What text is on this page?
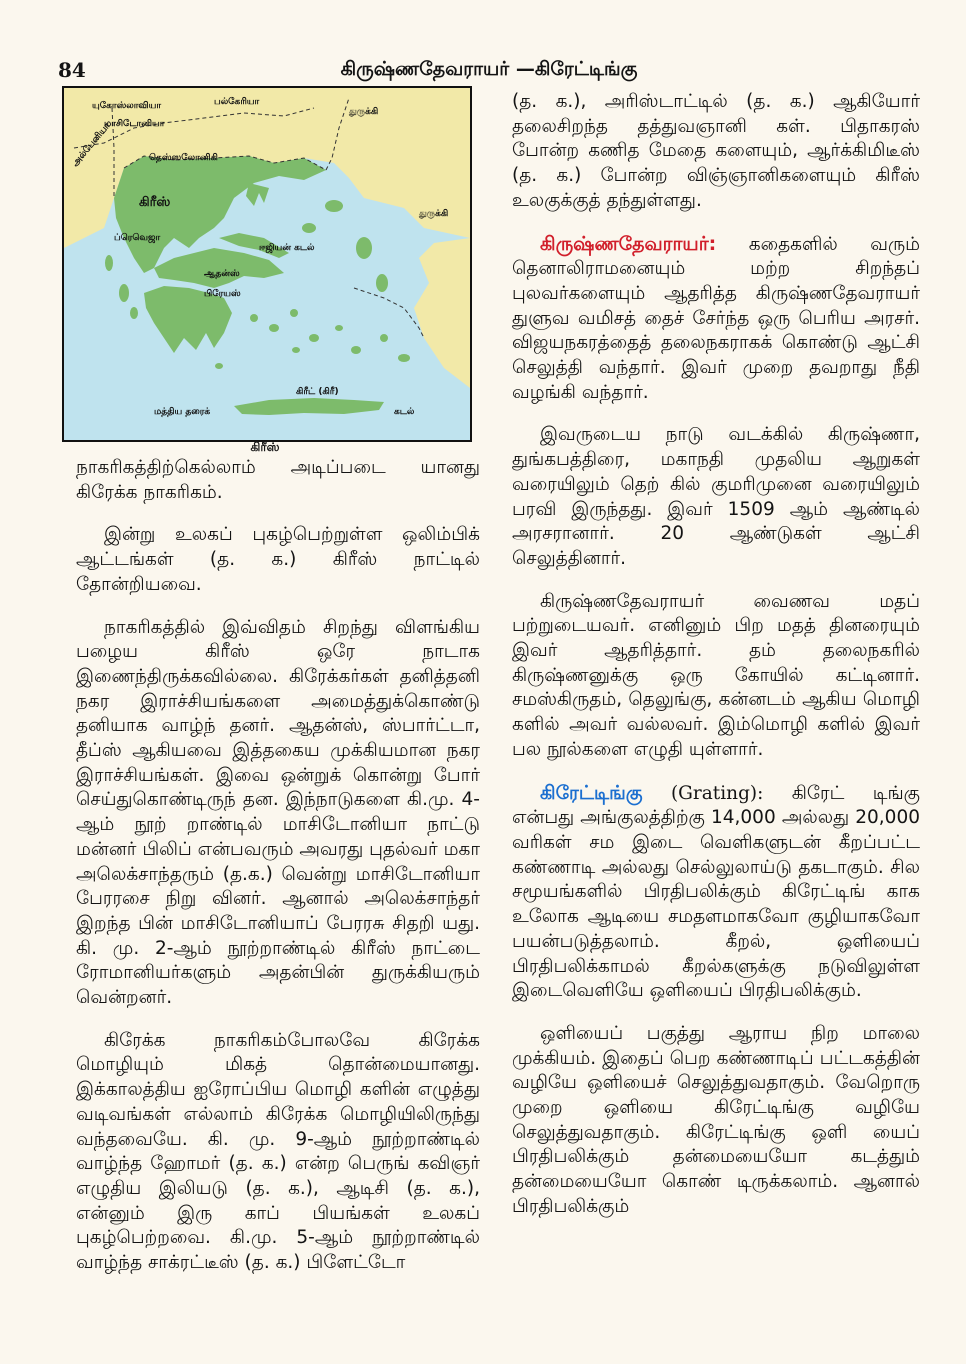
84	கிருஷ்ணதேவராயர் —கிரேட்டிங்கு
யுகோஸ்லாவியா	பல்கேரியா
துருக்கி
அல்பேனியா
மாசிடோனியா
தெஸ்ஸலோனிகி
கிரீஸ்
துருக்கி
ஈஜியன் கடல்
ப்ரெவெஜா
ஆதன்ஸ்
பிரேயஸ்
கிரீட் (கிரீ)
மத்திய தரைக்	கடல்
கிரீஸ்

நாகரிகத்திற்கெல்லாம் அடிப்படை யானது கிரேக்க நாகரிகம்.

இன்று உலகப் புகழ்பெற்றுள்ள ஒலிம்பிக் ஆட்டங்கள் (த. க.) கிரீஸ் நாட்டில் தோன்றியவை.

நாகரிகத்தில் இவ்விதம் சிறந்து விளங்கிய பழைய கிரீஸ் ஒரே நாடாக இணைந்திருக்கவில்லை. கிரேக்கர்கள் தனித்தனி நகர இராச்சியங்களை அமைத்துக்கொண்டு தனியாக வாழ்ந் தனர். ஆதன்ஸ், ஸ்பார்ட்டா, தீப்ஸ் ஆகியவை இத்தகைய முக்கியமான நகர இராச்சியங்கள். இவை ஒன்றுக் கொன்று போர் செய்துகொண்டிருந் தன. இந்நாடுகளை கி.மு. 4-ஆம் நூற் றாண்டில் மாசிடோனியா நாட்டு மன்னர் பிலிப் என்பவரும் அவரது புதல்வர் மகா அலெக்சாந்தரும் (த.க.) வென்று மாசிடோனியா பேரரசை நிறு வினர். ஆனால் அலெக்சாந்தர் இறந்த பின் மாசிடோனியாப் பேரரசு சிதறி யது. கி. மு. 2-ஆம் நூற்றாண்டில் கிரீஸ் நாட்டை ரோமானியர்களும் அதன்பின் துருக்கியரும் வென்றனர்.

கிரேக்க நாகரிகம்போலவே கிரேக்க மொழியும் மிகத் தொன்மையானது. இக்காலத்திய ஐரோப்பிய மொழி களின் எழுத்து வடிவங்கள் எல்லாம் கிரேக்க மொழியிலிருந்து வந்தவையே. கி. மு. 9-ஆம் நூற்றாண்டில் வாழ்ந்த ஹோமர் (த. க.) என்ற பெருங் கவிஞர் எழுதிய இலியடு (த. க.), ஆடிசி (த. க.), என்னும் இரு காப் பியங்கள் உலகப் புகழ்பெற்றவை. கி.மு. 5-ஆம் நூற்றாண்டில் வாழ்ந்த சாக்ரட்டீஸ் (த. க.) பிளேட்டோ

(த. க.), அரிஸ்டாட்டில் (த. க.) ஆகியோர் தலைசிறந்த தத்துவஞானி கள். பிதாகரஸ் போன்ற கணித மேதை களையும், ஆர்க்கிமிடீஸ் (த. க.) போன்ற விஞ்ஞானிகளையும் கிரீஸ் உலகுக்குத் தந்துள்ளது.

கிருஷ்ணதேவராயர்: கதைகளில் வரும் தெனாலிராமனையும் மற்ற சிறந்தப் புலவர்களையும் ஆதரித்த கிருஷ்ணதேவராயர் துளுவ வமிசத் தைச் சேர்ந்த ஒரு பெரிய அரசர். விஜயநகரத்தைத் தலைநகராகக் கொண்டு ஆட்சி செலுத்தி வந்தார். இவர் முறை தவறாது நீதி வழங்கி வந்தார்.

இவருடைய நாடு வடக்கில் கிருஷ்ணா, துங்கபத்திரை, மகாநதி முதலிய ஆறுகள் வரையிலும் தெற் கில் குமரிமுனை வரையிலும் பரவி இருந்தது. இவர் 1509 ஆம் ஆண்டில் அரசரானார். 20 ஆண்டுகள் ஆட்சி செலுத்தினார்.

கிருஷ்ணதேவராயர் வைணவ மதப் பற்றுடையவர். எனினும் பிற மதத் தினரையும் இவர் ஆதரித்தார். தம் தலைநகரில் கிருஷ்ணனுக்கு ஒரு கோயில் கட்டினார். சமஸ்கிருதம், தெலுங்கு, கன்னடம் ஆகிய மொழி களில் அவர் வல்லவர். இம்மொழி களில் இவர் பல நூல்களை எழுதி யுள்ளார்.

கிரேட்டிங்கு (Grating): கிரேட் டிங்கு என்பது அங்குலத்திற்கு 14,000 அல்லது 20,000 வரிகள் சம இடை வெளிகளுடன் கீறப்பட்ட கண்ணாடி அல்லது செல்லுலாய்டு தகடாகும். சில சமூயங்களில் பிரதிபலிக்கும் கிரேட்டிங் காக உலோக ஆடியை சமதளமாகவோ குழியாகவோ பயன்படுத்தலாம். கீறல், ஒளியைப் பிரதிபலிக்காமல் கீறல்களுக்கு நடுவிலுள்ள இடைவெளியே ஒளியைப் பிரதிபலிக்கும்.

ஒளியைப் பகுத்து ஆராய நிற மாலை முக்கியம். இதைப் பெற கண்ணாடிப் பட்டகத்தின் வழியே ஒளியைச் செலுத்துவதாகும். வேறொரு முறை ஒளியை கிரேட்டிங்கு வழியே செலுத்துவதாகும். கிரேட்டிங்கு ஒளி யைப் பிரதிபலிக்கும் தன்மையையோ கடத்தும் தன்மையையோ கொண் டிருக்கலாம். ஆனால் பிரதிபலிக்கும்
